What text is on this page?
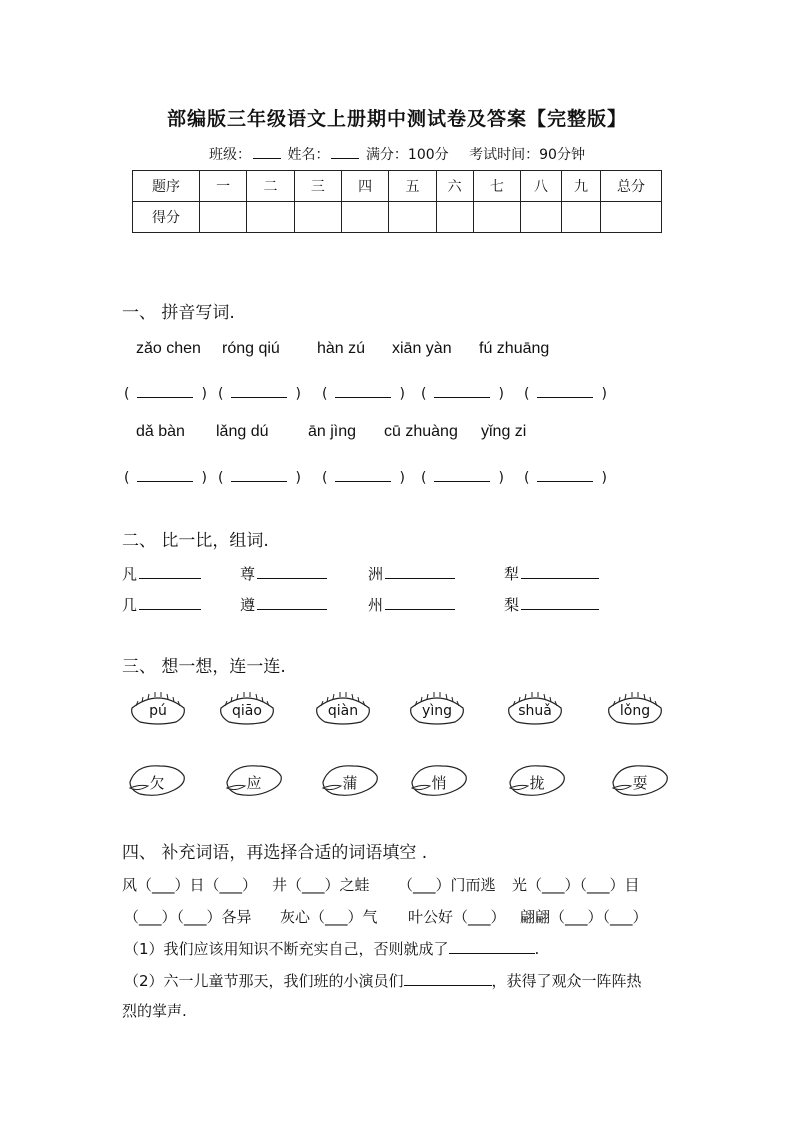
部编版三年级语文上册期中测试卷及答案【完整版】
班级：	姓名：	满分：100分 考试时间：90分钟
题序	一	二	三	四	五	六	七	八	九	总分
得分										
一、 拼音写词.
zǎo chen róng qiú hàn zú xiān yàn fú zhuāng
(	) (	) (	) (	) (	)
dǎ bàn lǎng dú ān jìng cū zhuàng yǐng zi
(	) (	) (	) (	) (	)
二、 比一比，组词.
凡	尊	洲	犁
几	遵	州	梨
三、 想一想，连一连.
pú	qiāo	qiàn	yìng	shuǎ	lǒng
欠	应	蒲	悄	拢	耍
四、 补充词语，再选择合适的词语填空 .
风（___）日（___） 井（___）之蛙 （___）门而逃 光（___）（___）目
（___）（___）各异 灰心（___）气 叶公好（___） 翩翩（___）（___）
（1）我们应该用知识不断充实自己，否则就成了	.
（2）六一儿童节那天，我们班的小演员们	，获得了观众一阵阵热
烈的掌声.
